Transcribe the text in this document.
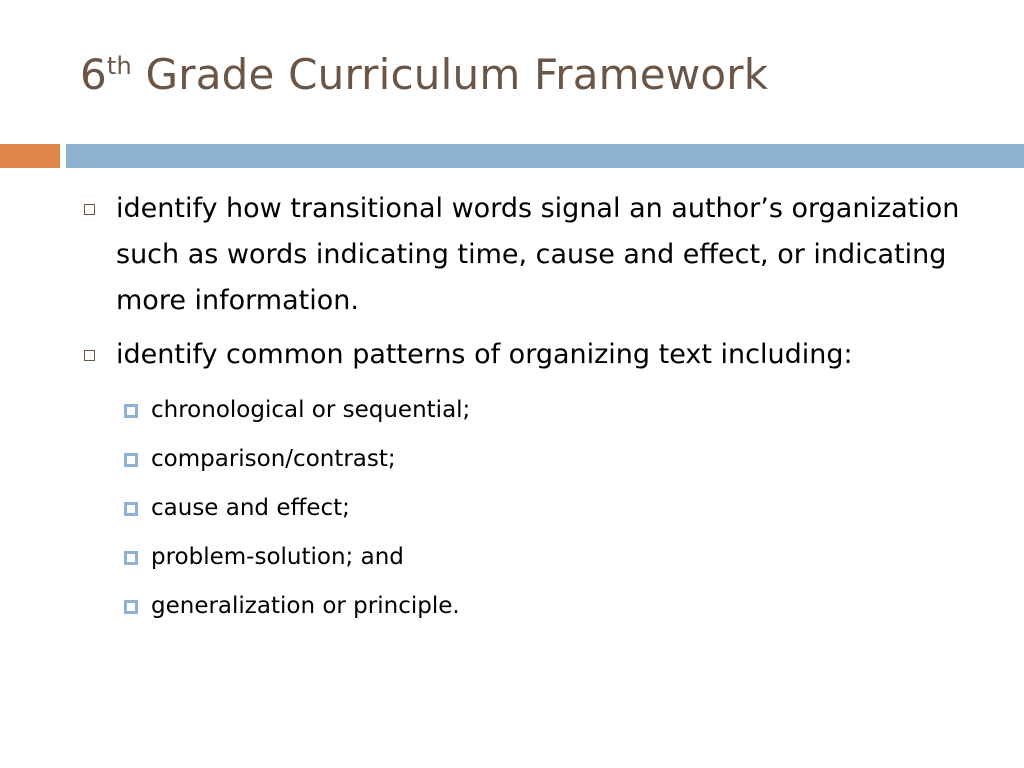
6th Grade Curriculum Framework
identify how transitional words signal an author’s organization such as words indicating time, cause and effect, or indicating more information.
identify common patterns of organizing text including:
chronological or sequential;
comparison/contrast;
cause and effect;
problem-solution; and
generalization or principle.
